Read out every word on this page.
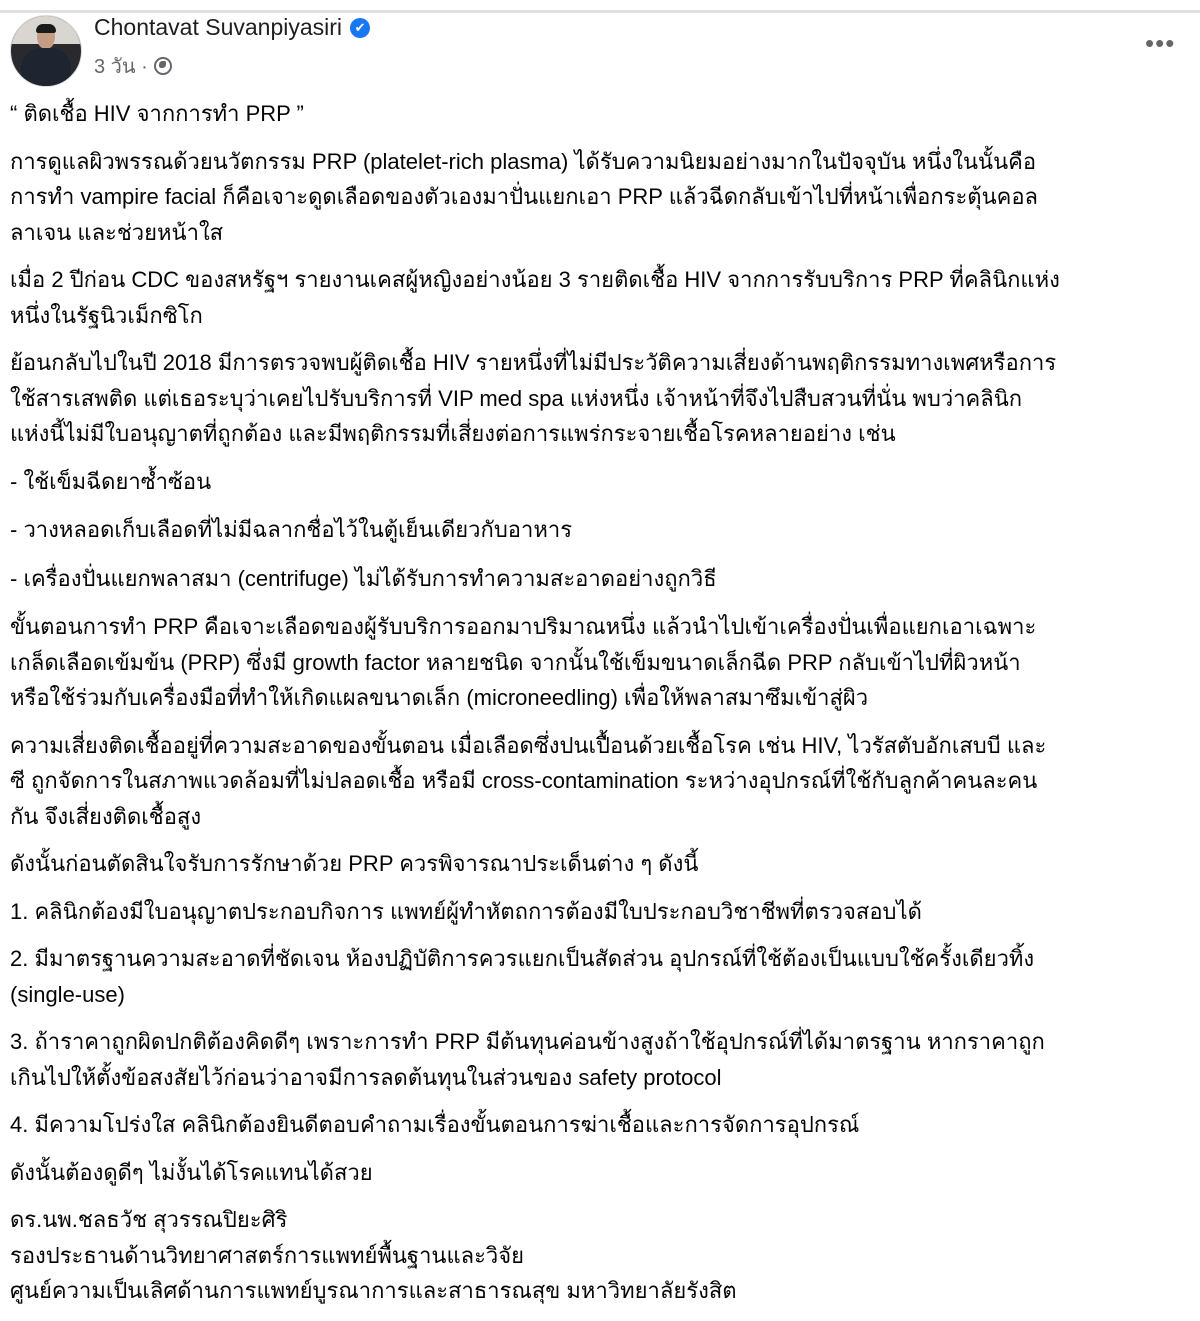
Chontavat Suvanpiyasiri ✔
3 วัน ·
•••
“ ติดเชื้อ HIV จากการทำ PRP ”
การดูแลผิวพรรณด้วยนวัตกรรม PRP (platelet-rich plasma) ได้รับความนิยมอย่างมากในปัจจุบัน หนึ่งในนั้นคือ
การทำ vampire facial ก็คือเจาะดูดเลือดของตัวเองมาปั่นแยกเอา PRP แล้วฉีดกลับเข้าไปที่หน้าเพื่อกระตุ้นคอล
ลาเจน และช่วยหน้าใส
เมื่อ 2 ปีก่อน CDC ของสหรัฐฯ รายงานเคสผู้หญิงอย่างน้อย 3 รายติดเชื้อ HIV จากการรับบริการ PRP ที่คลินิกแห่ง
หนึ่งในรัฐนิวเม็กซิโก
ย้อนกลับไปในปี 2018 มีการตรวจพบผู้ติดเชื้อ HIV รายหนึ่งที่ไม่มีประวัติความเสี่ยงด้านพฤติกรรมทางเพศหรือการ
ใช้สารเสพติด แต่เธอระบุว่าเคยไปรับบริการที่ VIP med spa แห่งหนึ่ง เจ้าหน้าที่จึงไปสืบสวนที่นั่น พบว่าคลินิก
แห่งนี้ไม่มีใบอนุญาตที่ถูกต้อง และมีพฤติกรรมที่เสี่ยงต่อการแพร่กระจายเชื้อโรคหลายอย่าง เช่น
- ใช้เข็มฉีดยาซ้ำซ้อน
- วางหลอดเก็บเลือดที่ไม่มีฉลากชื่อไว้ในตู้เย็นเดียวกับอาหาร
- เครื่องปั่นแยกพลาสมา (centrifuge) ไม่ได้รับการทำความสะอาดอย่างถูกวิธี
ขั้นตอนการทำ PRP คือเจาะเลือดของผู้รับบริการออกมาปริมาณหนึ่ง แล้วนำไปเข้าเครื่องปั่นเพื่อแยกเอาเฉพาะ
เกล็ดเลือดเข้มข้น (PRP) ซึ่งมี growth factor หลายชนิด จากนั้นใช้เข็มขนาดเล็กฉีด PRP กลับเข้าไปที่ผิวหน้า
หรือใช้ร่วมกับเครื่องมือที่ทำให้เกิดแผลขนาดเล็ก (microneedling) เพื่อให้พลาสมาซึมเข้าสู่ผิว
ความเสี่ยงติดเชื้ออยู่ที่ความสะอาดของขั้นตอน เมื่อเลือดซึ่งปนเปื้อนด้วยเชื้อโรค เช่น HIV, ไวรัสตับอักเสบบี และ
ซี ถูกจัดการในสภาพแวดล้อมที่ไม่ปลอดเชื้อ หรือมี cross-contamination ระหว่างอุปกรณ์ที่ใช้กับลูกค้าคนละคน
กัน จึงเสี่ยงติดเชื้อสูง
ดังนั้นก่อนตัดสินใจรับการรักษาด้วย PRP ควรพิจารณาประเด็นต่าง ๆ ดังนี้
1. คลินิกต้องมีใบอนุญาตประกอบกิจการ แพทย์ผู้ทำหัตถการต้องมีใบประกอบวิชาชีพที่ตรวจสอบได้
2. มีมาตรฐานความสะอาดที่ชัดเจน ห้องปฏิบัติการควรแยกเป็นสัดส่วน อุปกรณ์ที่ใช้ต้องเป็นแบบใช้ครั้งเดียวทิ้ง
(single-use)
3. ถ้าราคาถูกผิดปกติต้องคิดดีๆ เพราะการทำ PRP มีต้นทุนค่อนข้างสูงถ้าใช้อุปกรณ์ที่ได้มาตรฐาน หากราคาถูก
เกินไปให้ตั้งข้อสงสัยไว้ก่อนว่าอาจมีการลดต้นทุนในส่วนของ safety protocol
4. มีความโปร่งใส คลินิกต้องยินดีตอบคำถามเรื่องขั้นตอนการฆ่าเชื้อและการจัดการอุปกรณ์
ดังนั้นต้องดูดีๆ ไม่งั้นได้โรคแทนได้สวย
ดร.นพ.ชลธวัช สุวรรณปิยะศิริ
รองประธานด้านวิทยาศาสตร์การแพทย์พื้นฐานและวิจัย
ศูนย์ความเป็นเลิศด้านการแพทย์บูรณาการและสาธารณสุข มหาวิทยาลัยรังสิต
